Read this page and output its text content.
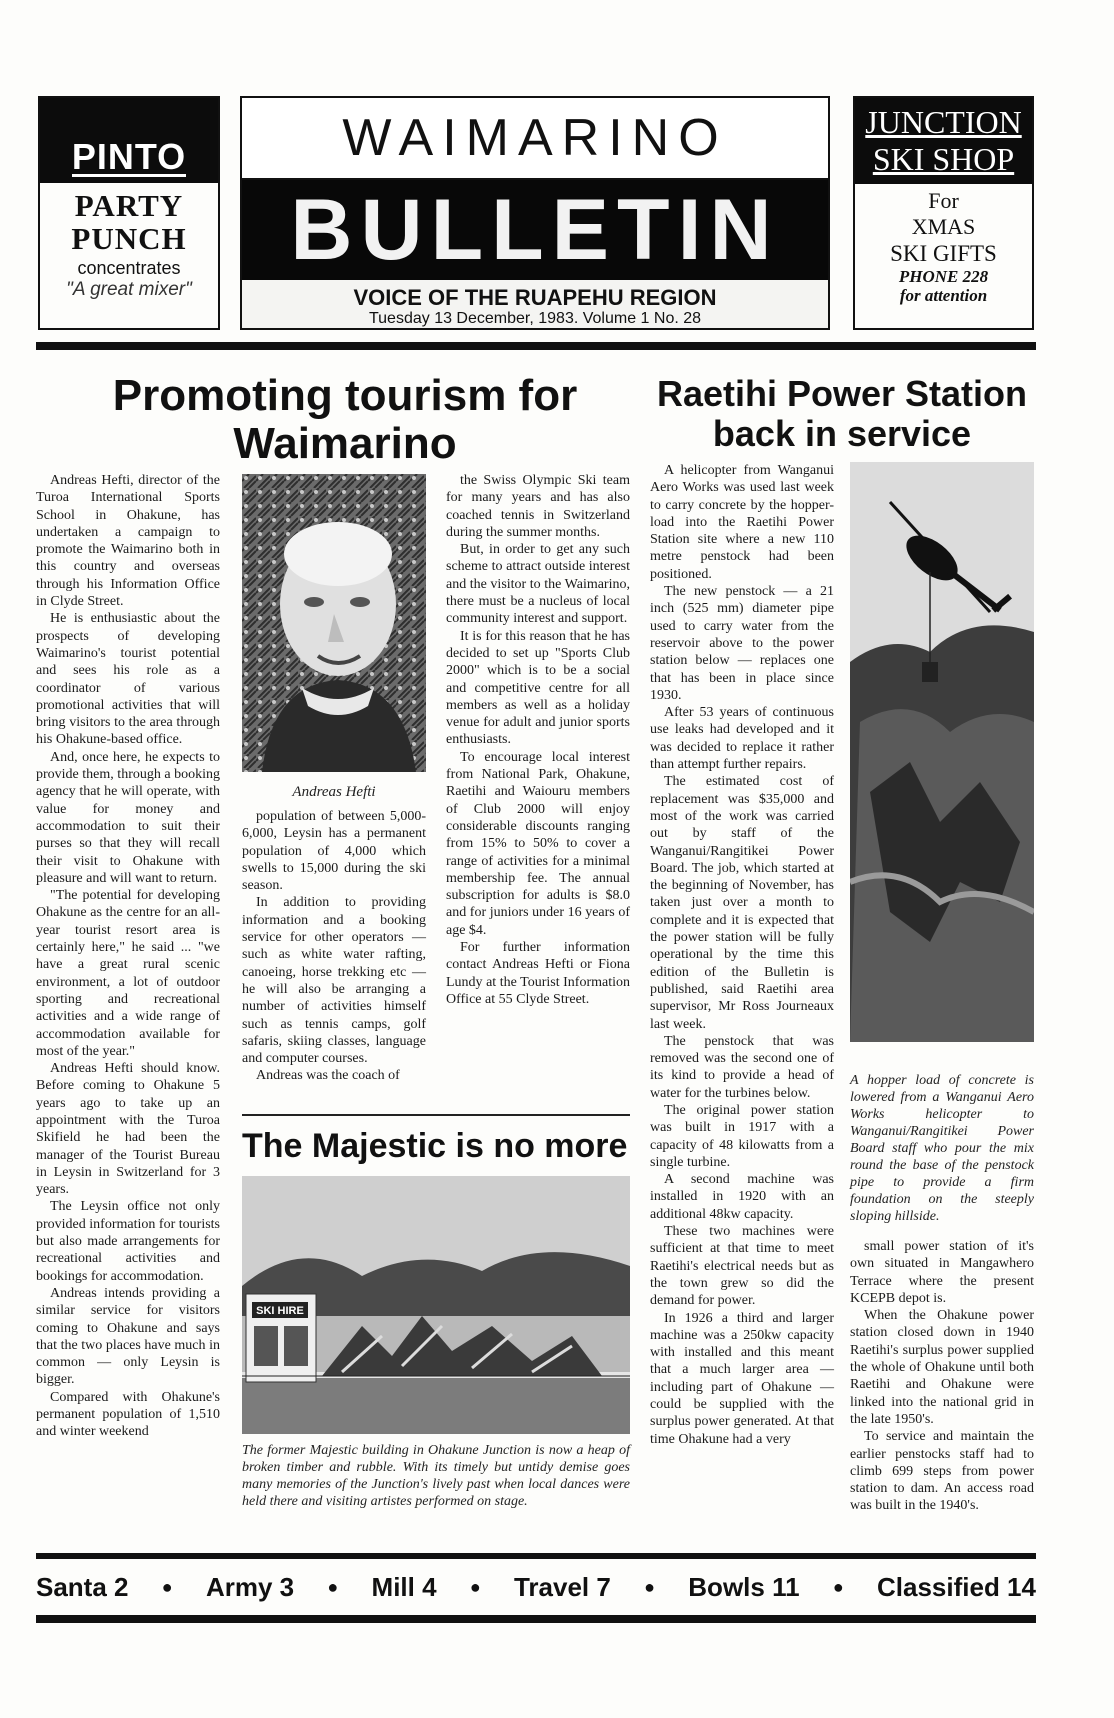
PINTO
PARTY
PUNCH
concentrates
"A great mixer"
WAIMARINO
BULLETIN
VOICE OF THE RUAPEHU REGION
Tuesday 13 December, 1983. Volume 1 No. 28
JUNCTION
SKI SHOP
For
XMAS
SKI GIFTS
PHONE 228
for attention
Promoting tourism for
Waimarino

Andreas Hefti, director of the Turoa International Sports School in Ohakune, has undertaken a campaign to promote the Waimarino both in this country and overseas through his Information Office in Clyde Street.

He is enthusiastic about the prospects of developing Waimarino's tourist potential and sees his role as a coordinator of various promotional activities that will bring visitors to the area through his Ohakune-based office.

And, once here, he expects to provide them, through a booking agency that he will operate, with value for money and accommodation to suit their purses so that they will recall their visit to Ohakune with pleasure and will want to return.

"The potential for developing Ohakune as the centre for an all-year tourist resort area is certainly here," he said ... "we have a great rural scenic environment, a lot of outdoor sporting and recreational activities and a wide range of accommodation available for most of the year."

Andreas Hefti should know. Before coming to Ohakune 5 years ago to take up an appointment with the Turoa Skifield he had been the manager of the Tourist Bureau in Leysin in Switzerland for 3 years.

The Leysin office not only provided information for tourists but also made arrangements for recreational activities and bookings for accommodation.

Andreas intends providing a similar service for visitors coming to Ohakune and says that the two places have much in common — only Leysin is bigger.

Compared with Ohakune's permanent population of 1,510 and winter weekend

Andreas Hefti

population of between 5,000-6,000, Leysin has a permanent population of 4,000 which swells to 15,000 during the ski season.

In addition to providing information and a booking service for other operators — such as white water rafting, canoeing, horse trekking etc — he will also be arranging a number of activities himself such as tennis camps, golf safaris, skiing classes, language and computer courses.

Andreas was the coach of

the Swiss Olympic Ski team for many years and has also coached tennis in Switzerland during the summer months.

But, in order to get any such scheme to attract outside interest and the visitor to the Waimarino, there must be a nucleus of local community interest and support.

It is for this reason that he has decided to set up "Sports Club 2000" which is to be a social and competitive centre for all members as well as a holiday venue for adult and junior sports enthusiasts.

To encourage local interest from National Park, Ohakune, Raetihi and Waiouru members of Club 2000 will enjoy considerable discounts ranging from 15% to 50% to cover a range of activities for a minimal membership fee. The annual subscription for adults is $8.0 and for juniors under 16 years of age $4.

For further information contact Andreas Hefti or Fiona Lundy at the Tourist Information Office at 55 Clyde Street.

The Majestic is no more
SKI HIRE
The former Majestic building in Ohakune Junction is now a heap of broken timber and rubble. With its timely but untidy demise goes many memories of the Junction's lively past when local dances were held there and visiting artistes performed on stage.
Raetihi Power Station
back in service

A helicopter from Wanganui Aero Works was used last week to carry concrete by the hopper-load into the Raetihi Power Station site where a new 110 metre penstock had been positioned.

The new penstock — a 21 inch (525 mm) diameter pipe used to carry water from the reservoir above to the power station below — replaces one that has been in place since 1930.

After 53 years of continuous use leaks had developed and it was decided to replace it rather than attempt further repairs.

The estimated cost of replacement was $35,000 and most of the work was carried out by staff of the Wanganui/Rangitikei Power Board. The job, which started at the beginning of November, has taken just over a month to complete and it is expected that the power station will be fully operational by the time this edition of the Bulletin is published, said Raetihi area supervisor, Mr Ross Journeaux last week.

The penstock that was removed was the second one of its kind to provide a head of water for the turbines below.

The original power station was built in 1917 with a capacity of 48 kilowatts from a single turbine.

A second machine was installed in 1920 with an additional 48kw capacity.

These two machines were sufficient at that time to meet Raetihi's electrical needs but as the town grew so did the demand for power.

In 1926 a third and larger machine was a 250kw capacity with installed and this meant that a much larger area — including part of Ohakune — could be supplied with the surplus power generated. At that time Ohakune had a very

A hopper load of concrete is lowered from a Wanganui Aero Works helicopter to Wanganui/Rangitikei Power Board staff who pour the mix round the base of the penstock pipe to provide a firm foundation on the steeply sloping hillside.

small power station of it's own situated in Mangawhero Terrace where the present KCEPB depot is.

When the Ohakune power station closed down in 1940 Raetihi's surplus power supplied the whole of Ohakune until both Raetihi and Ohakune were linked into the national grid in the late 1950's.

To service and maintain the earlier penstocks staff had to climb 699 steps from power station to dam. An access road was built in the 1940's.

Santa 2 ● Army 3 ● Mill 4 ● Travel 7 ● Bowls 11 ● Classified 14
